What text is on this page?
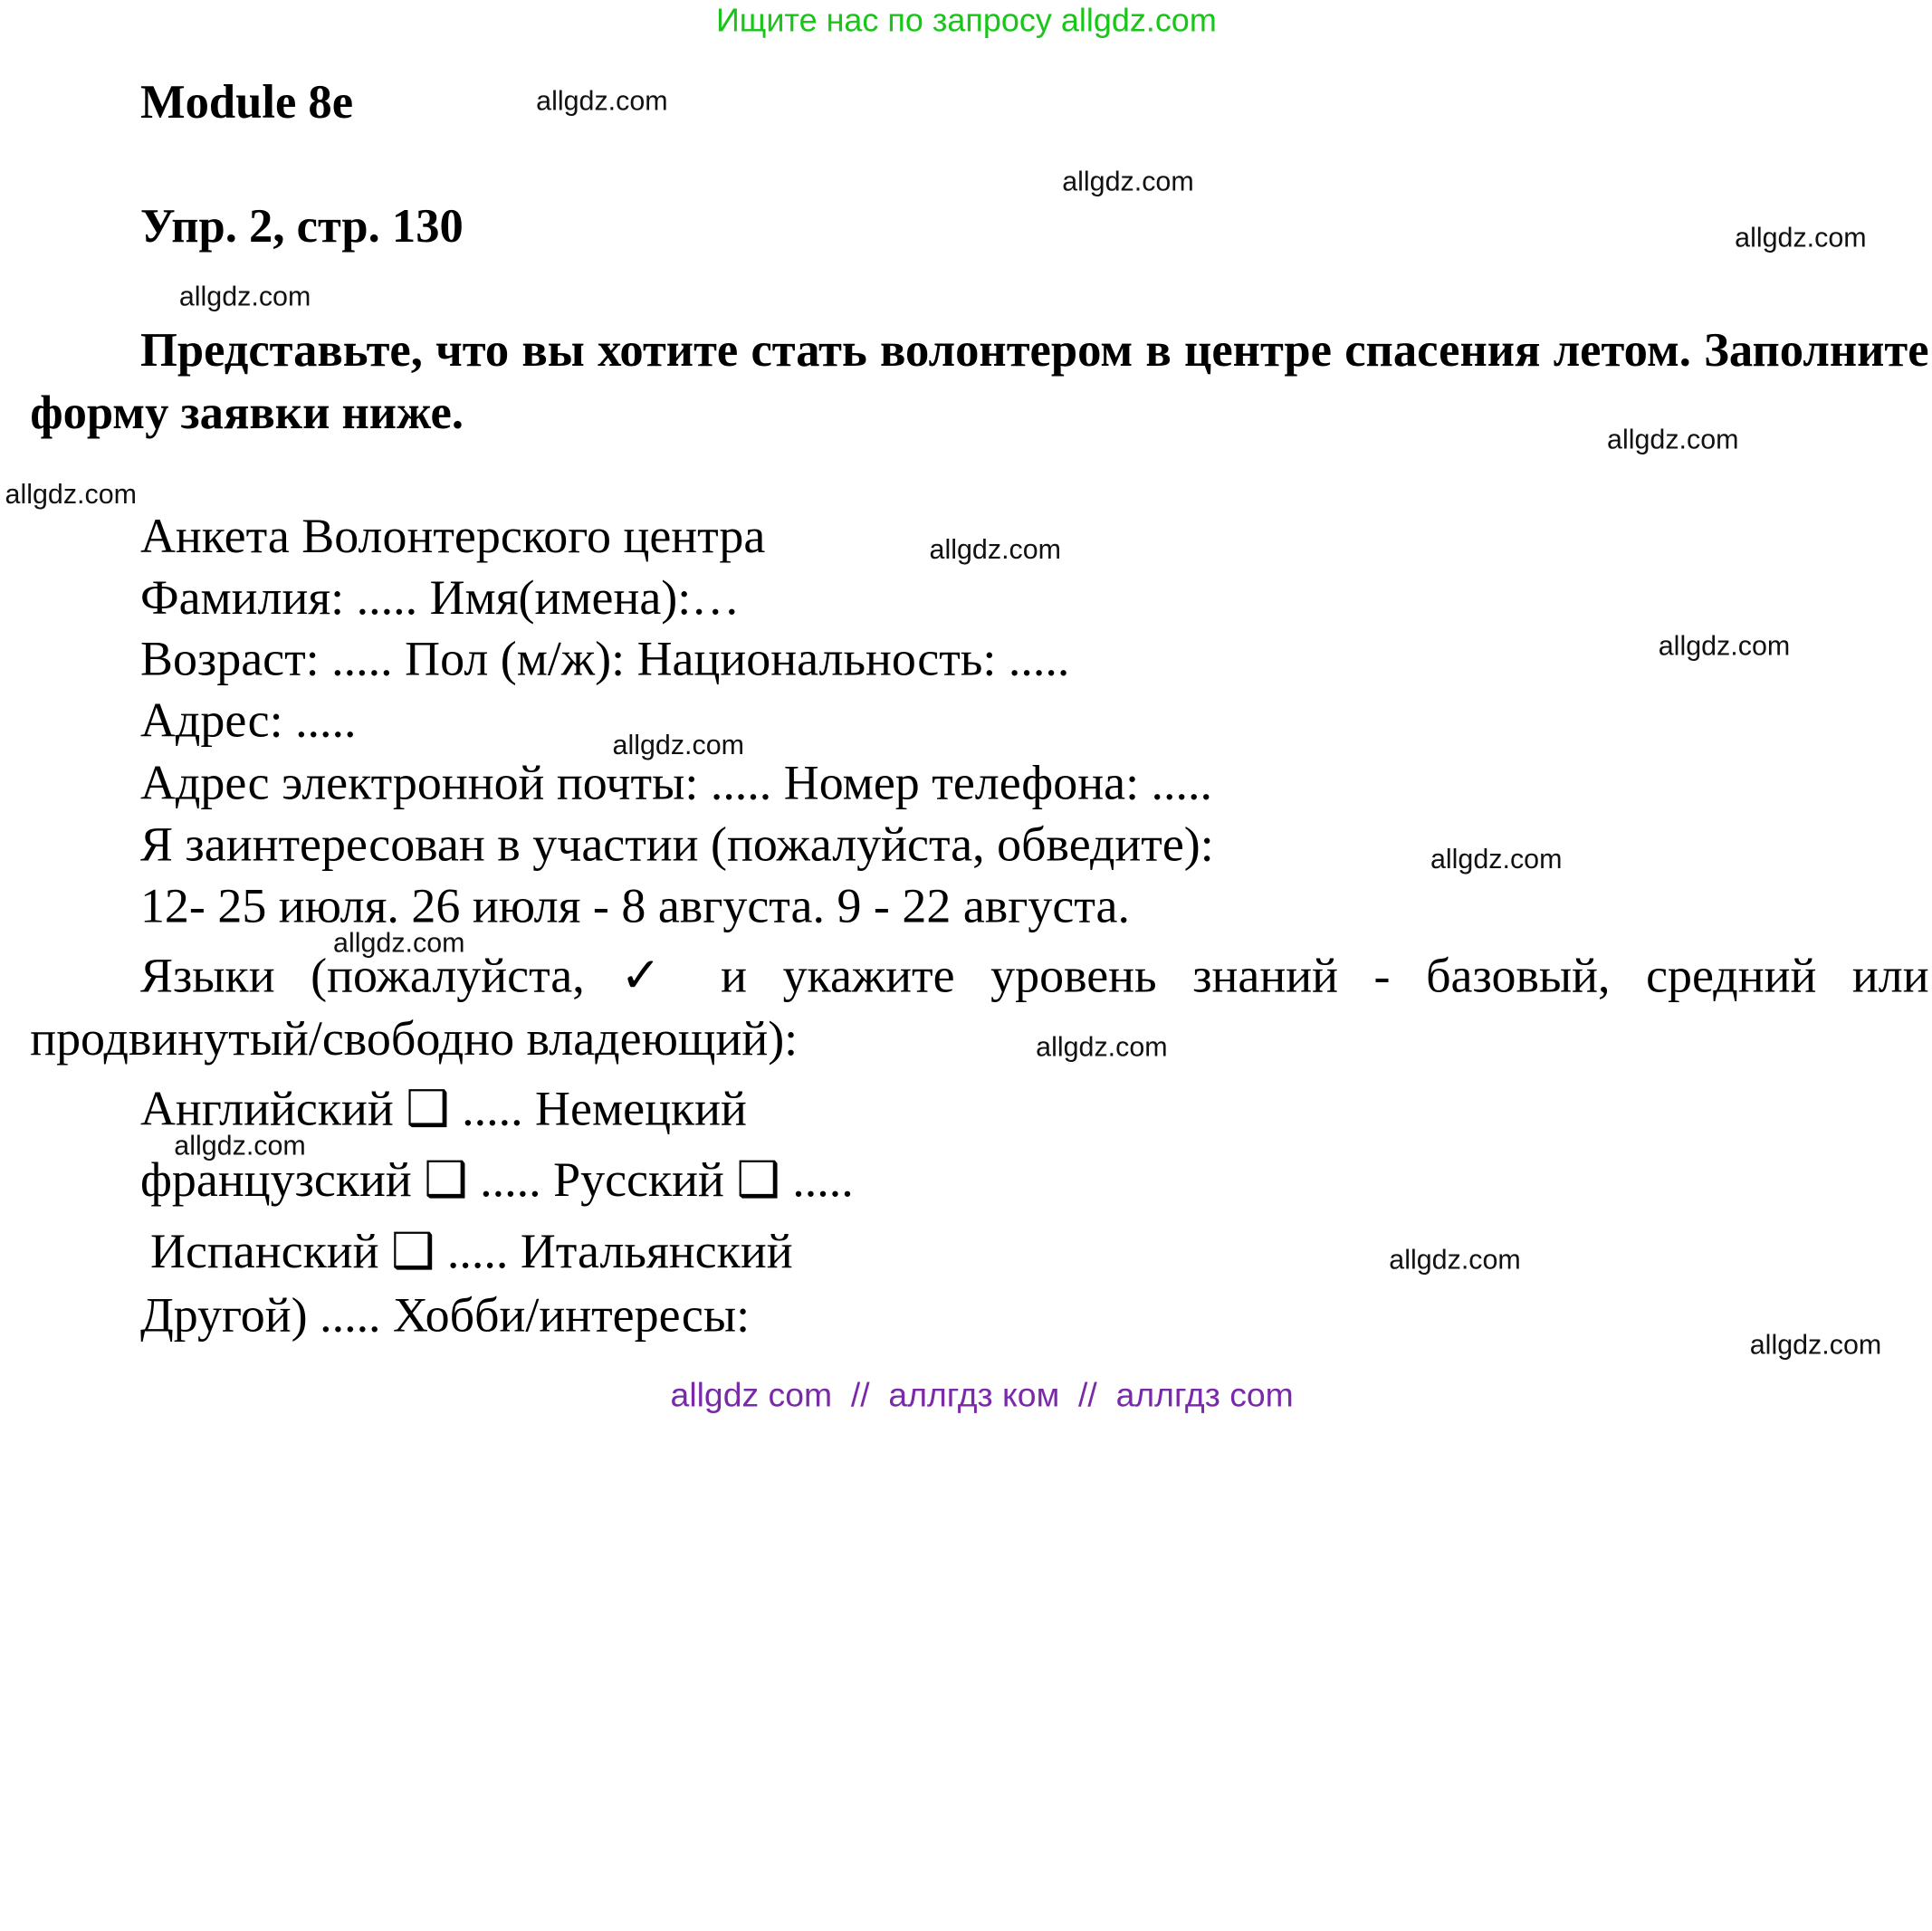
Ищите нас по запросу allgdz.com
Module 8e
Упр. 2, стр. 130
Представьте, что вы хотите стать волонтером в центре спасения летом. Заполните форму заявки ниже.
Анкета Волонтерского центра
Фамилия: ..... Имя(имена):…
Возраст: ..... Пол (м/ж): Национальность: .....
Адрес: .....
Адрес электронной почты: ..... Номер телефона: .....
Я заинтересован в участии (пожалуйста, обведите):
12- 25 июля. 26 июля - 8 августа. 9 - 22 августа.
Языки (пожалуйста, ✓ и укажите уровень знаний - базовый, средний или продвинутый/свободно владеющий):
Английский ❑ ..... Немецкий
французский ❑ ..... Русский ❑ .....
Испанский ❑ ..... Итальянский
Другой) ..... Хобби/интересы:
allgdz.com
allgdz.com
allgdz.com
allgdz.com
allgdz.com
allgdz.com
allgdz.com
allgdz.com
allgdz.com
allgdz.com
allgdz.com
allgdz.com
allgdz.com
allgdz.com
allgdz.com
allgdz com // аллгдз ком // аллгдз com
